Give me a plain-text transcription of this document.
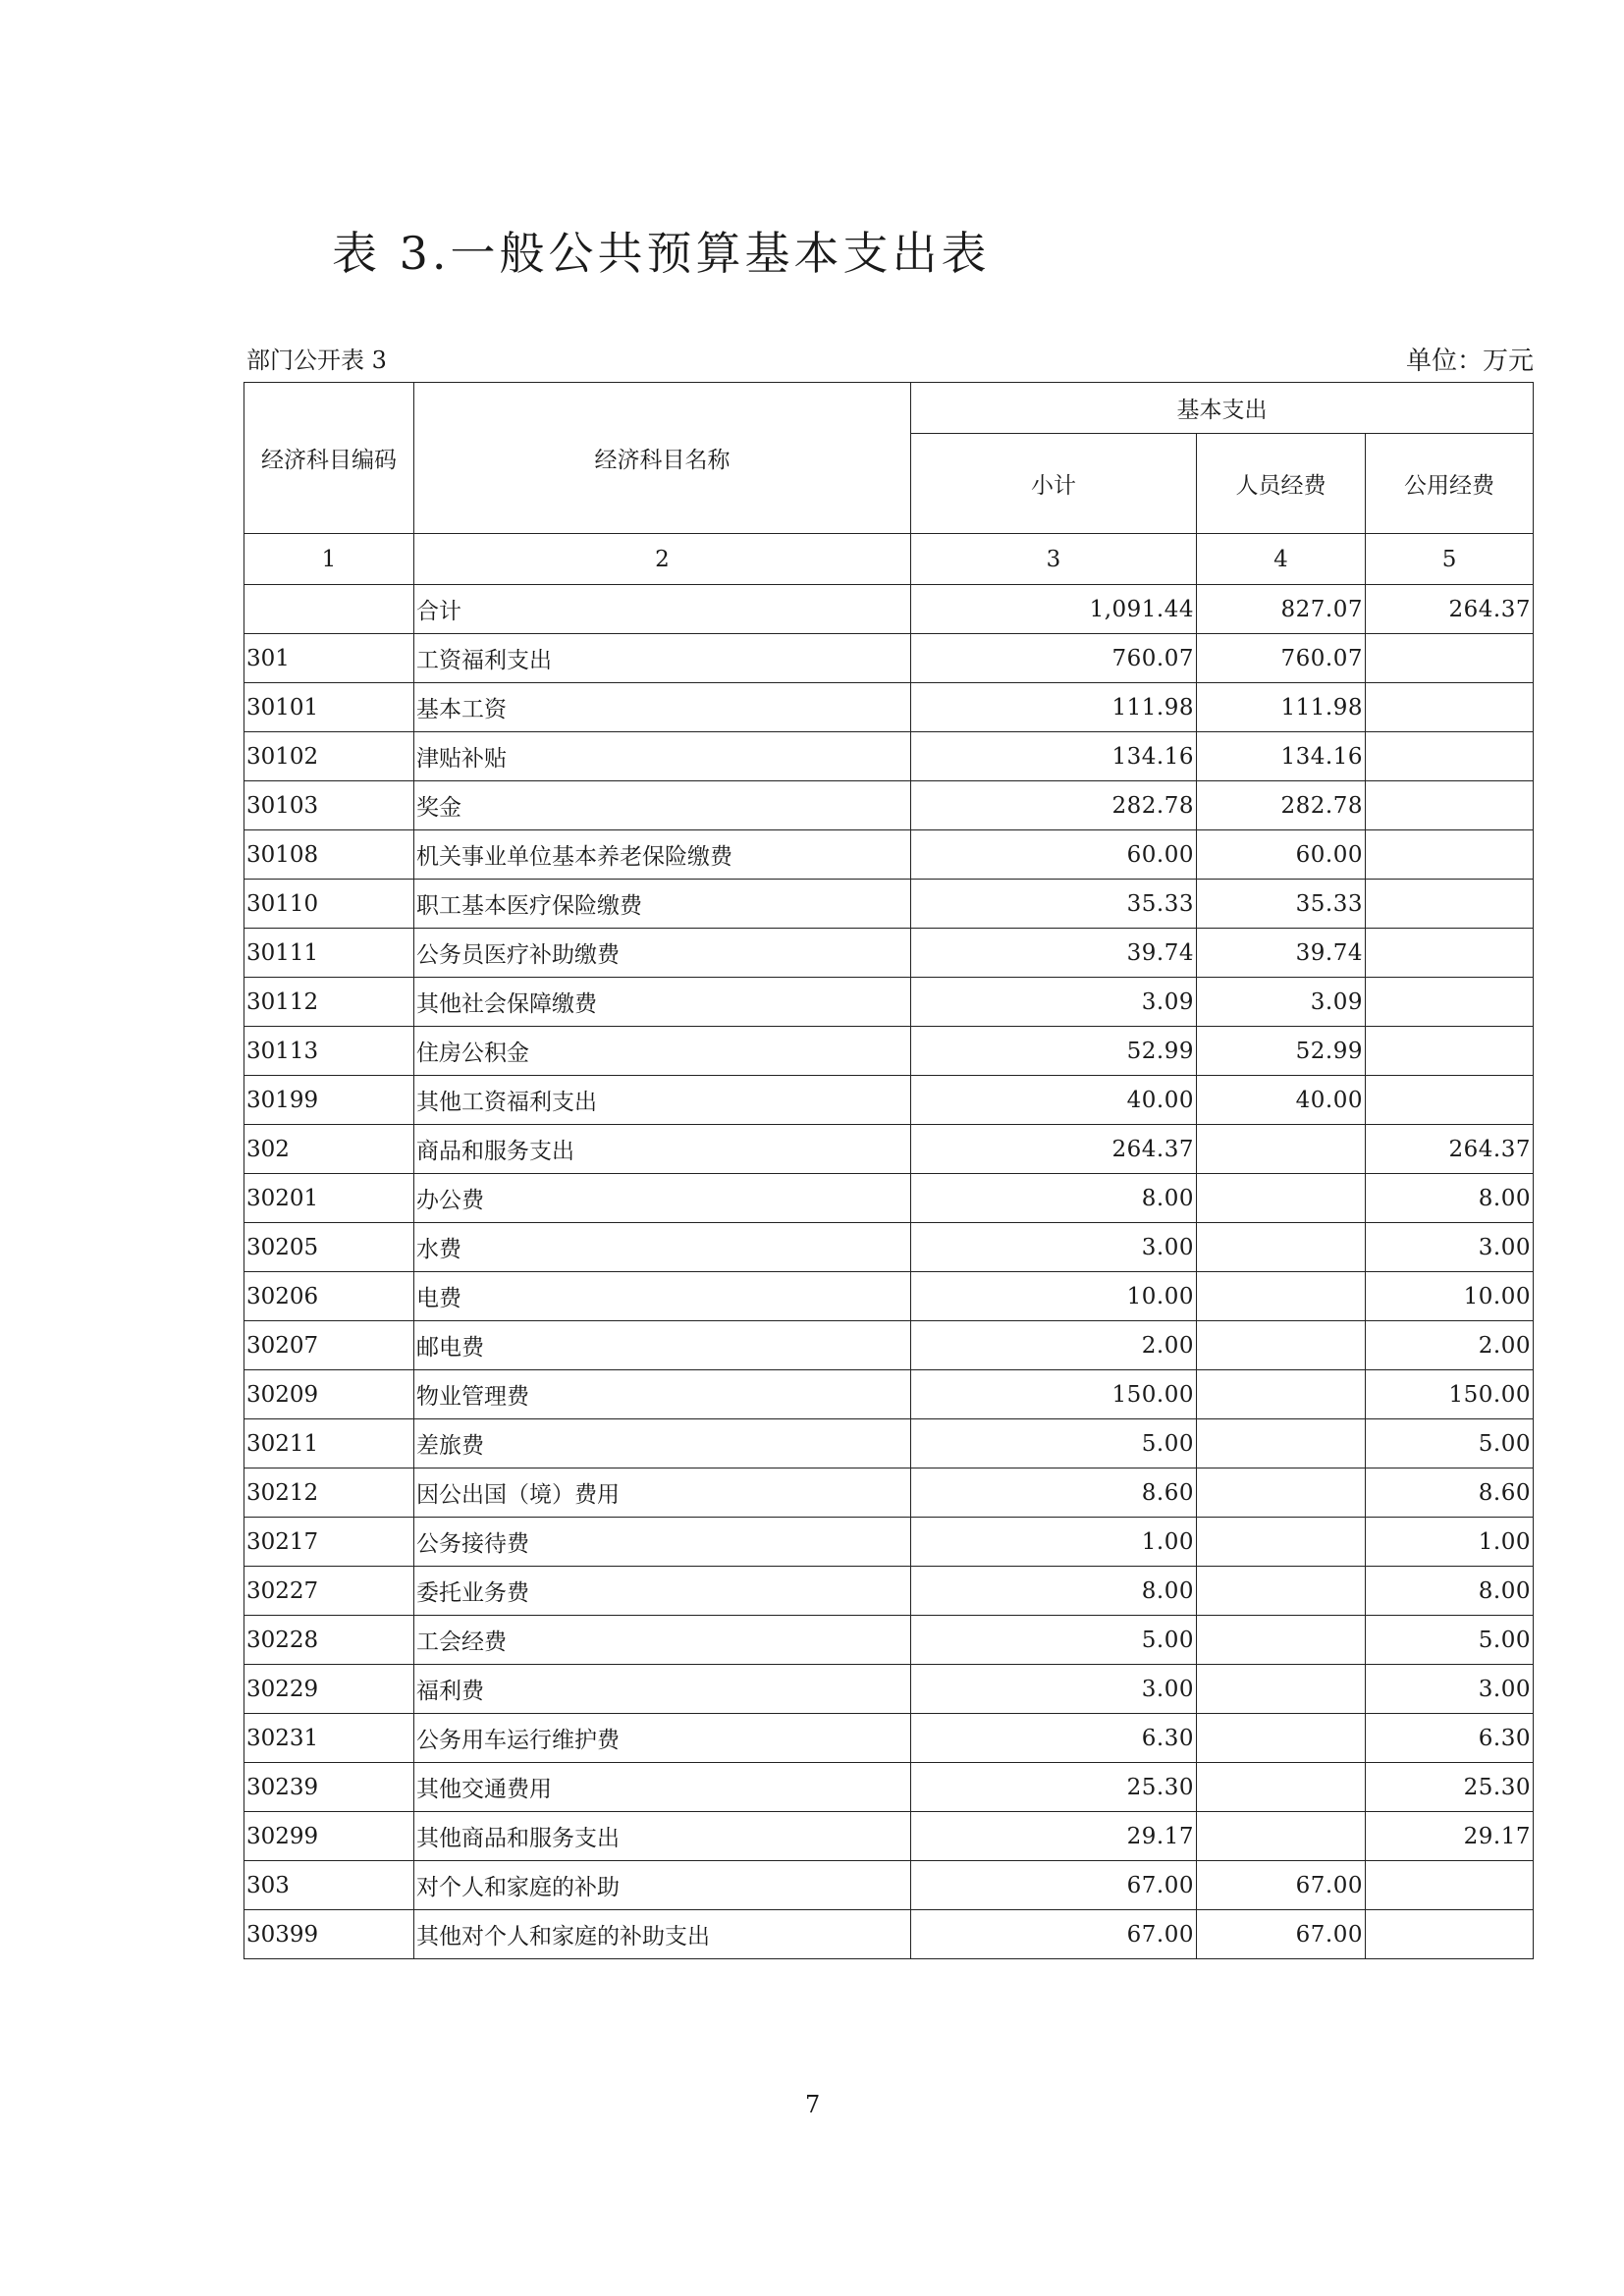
表 3.一般公共预算基本支出表
部门公开表 3	单位：万元
经济科目编码	经济科目名称	基本支出		
		小计	人员经费	公用经费
1	2	3	4	5
	合计	1,091.44	827.07	264.37
301	工资福利支出	760.07	760.07	
30101	基本工资	111.98	111.98	
30102	津贴补贴	134.16	134.16	
30103	奖金	282.78	282.78	
30108	机关事业单位基本养老保险缴费	60.00	60.00	
30110	职工基本医疗保险缴费	35.33	35.33	
30111	公务员医疗补助缴费	39.74	39.74	
30112	其他社会保障缴费	3.09	3.09	
30113	住房公积金	52.99	52.99	
30199	其他工资福利支出	40.00	40.00	
302	商品和服务支出	264.37		264.37
30201	办公费	8.00		8.00
30205	水费	3.00		3.00
30206	电费	10.00		10.00
30207	邮电费	2.00		2.00
30209	物业管理费	150.00		150.00
30211	差旅费	5.00		5.00
30212	因公出国（境）费用	8.60		8.60
30217	公务接待费	1.00		1.00
30227	委托业务费	8.00		8.00
30228	工会经费	5.00		5.00
30229	福利费	3.00		3.00
30231	公务用车运行维护费	6.30		6.30
30239	其他交通费用	25.30		25.30
30299	其他商品和服务支出	29.17		29.17
303	对个人和家庭的补助	67.00	67.00	
30399	其他对个人和家庭的补助支出	67.00	67.00	
7
